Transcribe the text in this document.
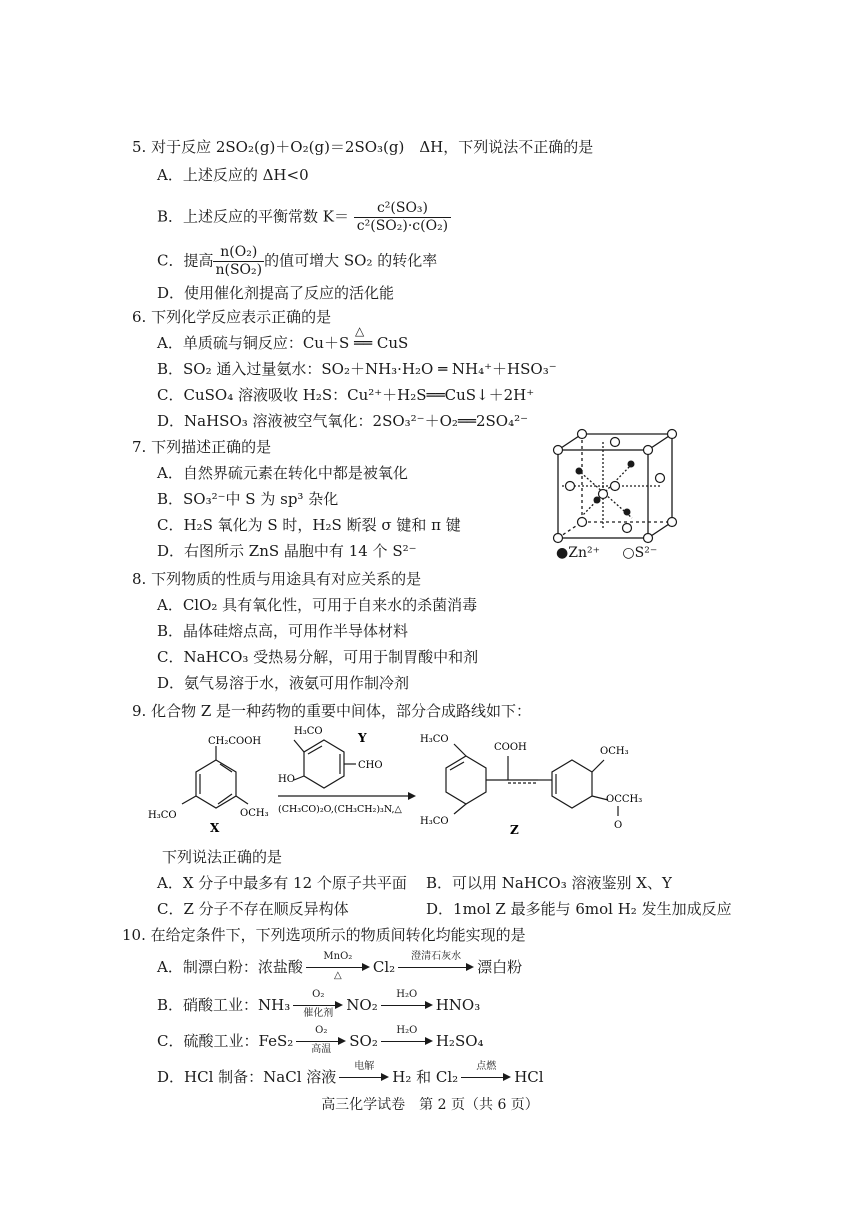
5. 对于反应 2SO₂(g)＋O₂(g)＝2SO₃(g)　ΔH，下列说法不正确的是
A．上述反应的 ΔH<0
B．上述反应的平衡常数 $K= \frac{\text{c²(SO₃)}}{\text{c²(SO₂)·c(O₂)}}$
C．提高 $\frac{\text{n(O₂)}}{\text{n(SO₂)}}$ 的值可增大 SO₂ 的转化率
D．使用催化剂提高了反应的活化能
6. 下列化学反应表示正确的是
A．单质硫与铜反应：Cu＋S ══ CuS
△
B．SO₂ 通入过量氨水：SO₂＋NH₃·H₂O ═ NH₄⁺＋HSO₃⁻
C．CuSO₄ 溶液吸收 H₂S：Cu²⁺＋H₂S══CuS↓＋2H⁺
D．NaHSO₃ 溶液被空气氧化：2SO₃²⁻＋O₂══2SO₄²⁻
7. 下列描述正确的是
A．自然界硫元素在转化中都是被氧化
B．SO₃²⁻中 S 为 sp³ 杂化
C．H₂S 氧化为 S 时，H₂S 断裂 σ 键和 π 键
D．右图所示 ZnS 晶胞中有 14 个 S²⁻	●Zn²⁺ ○S²⁻
8. 下列物质的性质与用途具有对应关系的是
A．ClO₂ 具有氧化性，可用于自来水的杀菌消毒
B．晶体硅熔点高，可用作半导体材料
C．NaHCO₃ 受热易分解，可用于制胃酸中和剂
D．氨气易溶于水，液氨可用作制冷剂
9. 化合物 Z 是一种药物的重要中间体，部分合成路线如下：
CH₂COOH
H₃CO	OCH₃
X
H₃CO
HO
CHO
Y
(CH₃CO)₂O,(CH₃CH₂)₃N,△
H₃CO
COOH	OCH₃
OCCH₃
O
H₃CO
Z
下列说法正确的是
A．X 分子中最多有 12 个原子共平面 B．可以用 NaHCO₃ 溶液鉴别 X、Y
C．Z 分子不存在顺反异构体	D．1mol Z 最多能与 6mol H₂ 发生加成反应
10. 在给定条件下，下列选项所示的物质间转化均能实现的是
A．制漂白粉：浓盐酸
MnO₂
△	Cl₂
澄清石灰水
漂白粉
B．硝酸工业：NH₃
O₂
催化剂 NO₂
H₂O
HNO₃
C．硫酸工业：FeS₂
O₂
高温	SO₂
H₂O
H₂SO₄
D．HCl 制备：NaCl 溶液
电解
H₂ 和 Cl₂
点燃
HCl
高三化学试卷　第 2 页（共 6 页）
